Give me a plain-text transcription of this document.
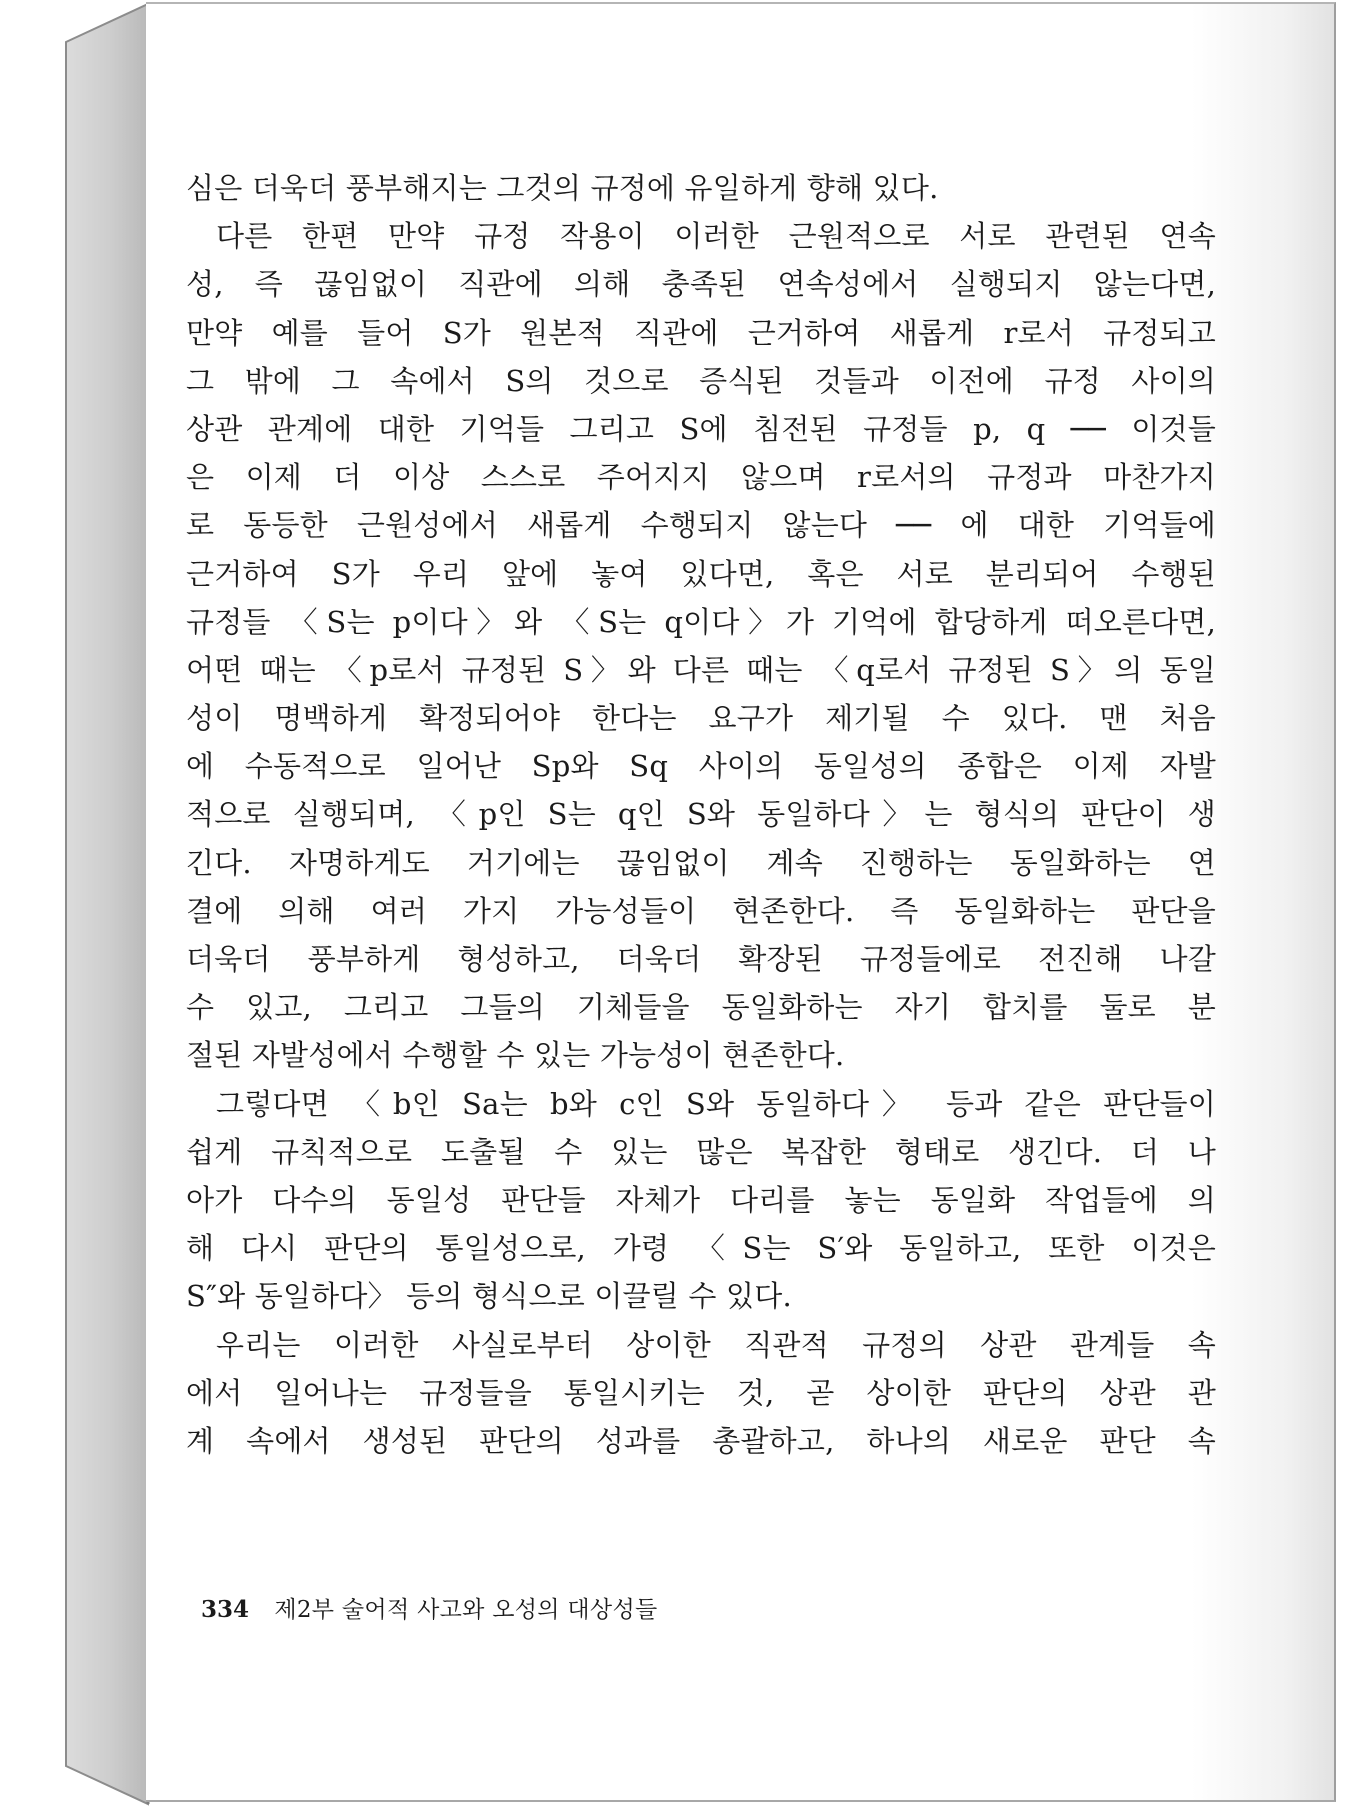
심은 더욱더 풍부해지는 그것의 규정에 유일하게 향해 있다.
다른 한편 만약 규정 작용이 이러한 근원적으로 서로 관련된 연속
성, 즉 끊임없이 직관에 의해 충족된 연속성에서 실행되지 않는다면,
만약 예를 들어 S가 원본적 직관에 근거하여 새롭게 r로서 규정되고
그 밖에 그 속에서 S의 것으로 증식된 것들과 이전에 규정 사이의
상관 관계에 대한 기억들 그리고 S에 침전된 규정들 p, q ── 이것들
은 이제 더 이상 스스로 주어지지 않으며 r로서의 규정과 마찬가지
로 동등한 근원성에서 새롭게 수행되지 않는다 ── 에 대한 기억들에
근거하여 S가 우리 앞에 놓여 있다면, 혹은 서로 분리되어 수행된
규정들 〈S는 p이다〉와 〈S는 q이다〉가 기억에 합당하게 떠오른다면,
어떤 때는 〈p로서 규정된 S〉와 다른 때는 〈q로서 규정된 S〉의 동일
성이 명백하게 확정되어야 한다는 요구가 제기될 수 있다. 맨 처음
에 수동적으로 일어난 Sp와 Sq 사이의 동일성의 종합은 이제 자발
적으로 실행되며, 〈p인 S는 q인 S와 동일하다〉는 형식의 판단이 생
긴다. 자명하게도 거기에는 끊임없이 계속 진행하는 동일화하는 연
결에 의해 여러 가지 가능성들이 현존한다. 즉 동일화하는 판단을
더욱더 풍부하게 형성하고, 더욱더 확장된 규정들에로 전진해 나갈
수 있고, 그리고 그들의 기체들을 동일화하는 자기 합치를 둘로 분
절된 자발성에서 수행할 수 있는 가능성이 현존한다.
그렇다면 〈b인 Sa는 b와 c인 S와 동일하다〉 등과 같은 판단들이
쉽게 규칙적으로 도출될 수 있는 많은 복잡한 형태로 생긴다. 더 나
아가 다수의 동일성 판단들 자체가 다리를 놓는 동일화 작업들에 의
해 다시 판단의 통일성으로, 가령 〈S는 S′와 동일하고, 또한 이것은
S″와 동일하다〉 등의 형식으로 이끌릴 수 있다.
우리는 이러한 사실로부터 상이한 직관적 규정의 상관 관계들 속
에서 일어나는 규정들을 통일시키는 것, 곧 상이한 판단의 상관 관
계 속에서 생성된 판단의 성과를 총괄하고, 하나의 새로운 판단 속
334 제2부 술어적 사고와 오성의 대상성들
